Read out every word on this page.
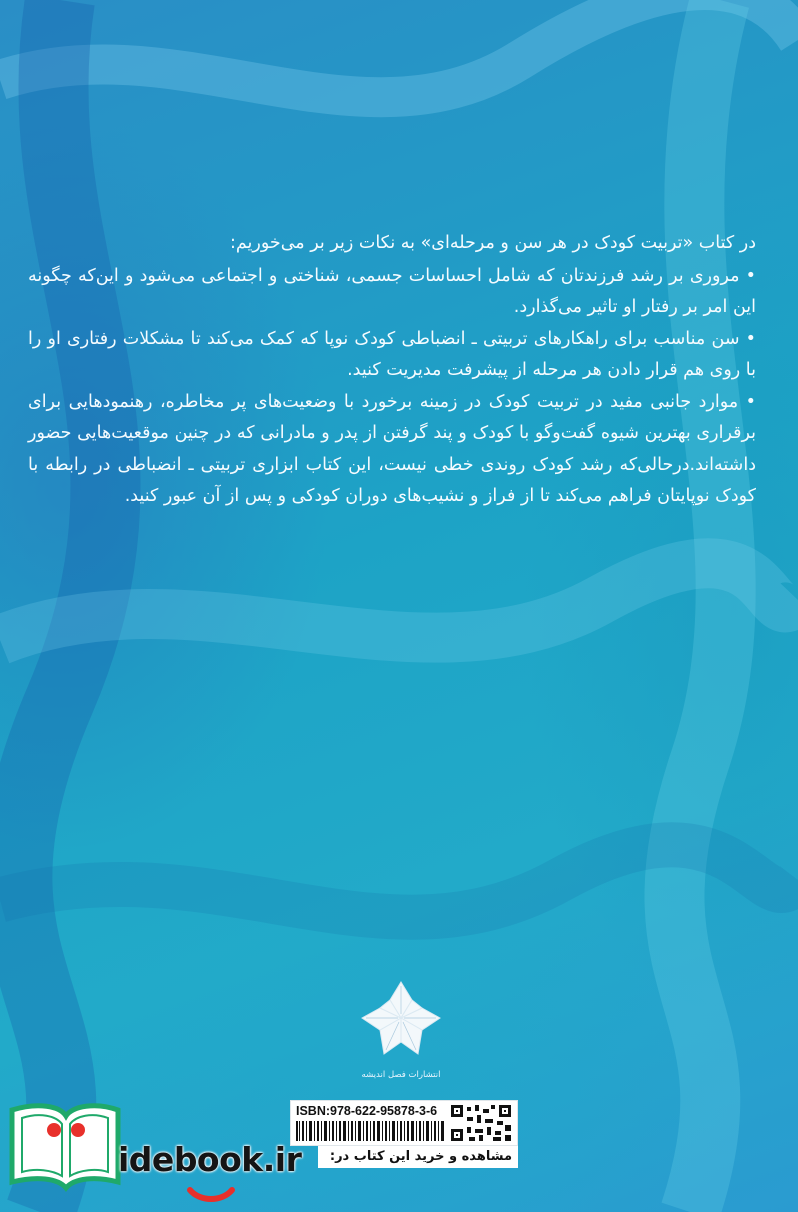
در کتاب «تربیت کودک در هر سن و مرحله‌ای» به نکات زیر بر می‌خوریم:

• مروری بر رشد فرزندتان که شامل احساسات جسمی، شناختی و اجتماعی می‌شود و این‌که چگونه این امر بر رفتار او تاثیر می‌گذارد.

• سن مناسب برای راهکارهای تربیتی ـ انضباطی کودک نوپا که کمک می‌کند تا مشکلات رفتاری او را با روی هم قرار دادن هر مرحله از پیشرفت مدیریت کنید.

• موارد جانبی مفید در تربیت کودک در زمینه برخورد با وضعیت‌های پر مخاطره، رهنمودهایی برای برقراری بهترین شیوه گفت‌وگو با کودک و پند گرفتن از پدر و مادرانی که در چنین موقعیت‌هایی حضور داشته‌اند.درحالی‌که رشد کودک روندی خطی نیست، این کتاب ابزاری تربیتی ـ انضباطی در رابطه با کودک نوپایتان فراهم می‌کند تا از فراز و نشیب‌های دوران کودکی و پس از آن عبور کنید.

انتشارات فصل اندیشه
ISBN:978-622-95878-3-6
مشاهده و خرید این کتاب در:
idebook.ir
